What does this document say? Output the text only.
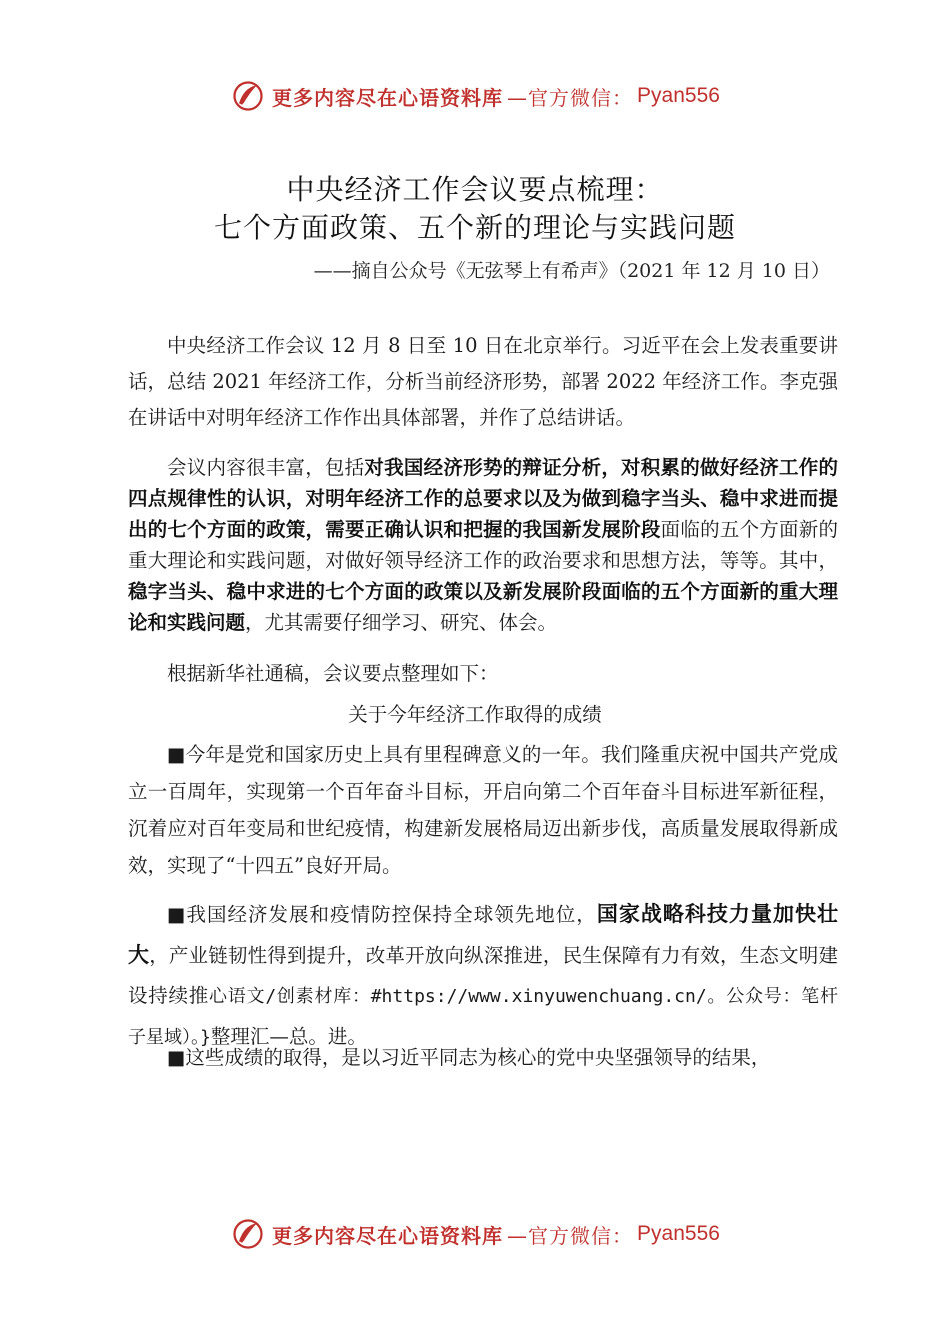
更多内容尽在心语资料库 —官方微信： Pyan556
中央经济工作会议要点梳理：
七个方面政策、五个新的理论与实践问题
——摘自公众号《无弦琴上有希声》（2021 年 12 月 10 日）

中央经济工作会议 12 月 8 日至 10 日在北京举行。习近平在会上发表重要讲话，总结 2021 年经济工作，分析当前经济形势，部署 2022 年经济工作。李克强在讲话中对明年经济工作作出具体部署，并作了总结讲话。

会议内容很丰富，包括对我国经济形势的辩证分析，对积累的做好经济工作的四点规律性的认识，对明年经济工作的总要求以及为做到稳字当头、稳中求进而提出的七个方面的政策，需要正确认识和把握的我国新发展阶段面临的五个方面新的重大理论和实践问题，对做好领导经济工作的政治要求和思想方法，等等。其中，稳字当头、稳中求进的七个方面的政策以及新发展阶段面临的五个方面新的重大理论和实践问题，尤其需要仔细学习、研究、体会。

根据新华社通稿，会议要点整理如下：

关于今年经济工作取得的成绩

■今年是党和国家历史上具有里程碑意义的一年。我们隆重庆祝中国共产党成立一百周年，实现第一个百年奋斗目标，开启向第二个百年奋斗目标进军新征程，沉着应对百年变局和世纪疫情，构建新发展格局迈出新步伐，高质量发展取得新成效，实现了“十四五”良好开局。

■我国经济发展和疫情防控保持全球领先地位，国家战略科技力量加快壮大，产业链韧性得到提升，改革开放向纵深推进，民生保障有力有效，生态文明建设持续推心语文/创素材库：#https://www.xinyuwenchuang.cn/。公众号：笔杆子星域）。}整理汇—总。进。

■这些成绩的取得，是以习近平同志为核心的党中央坚强领导的结果，

更多内容尽在心语资料库 —官方微信： Pyan556
